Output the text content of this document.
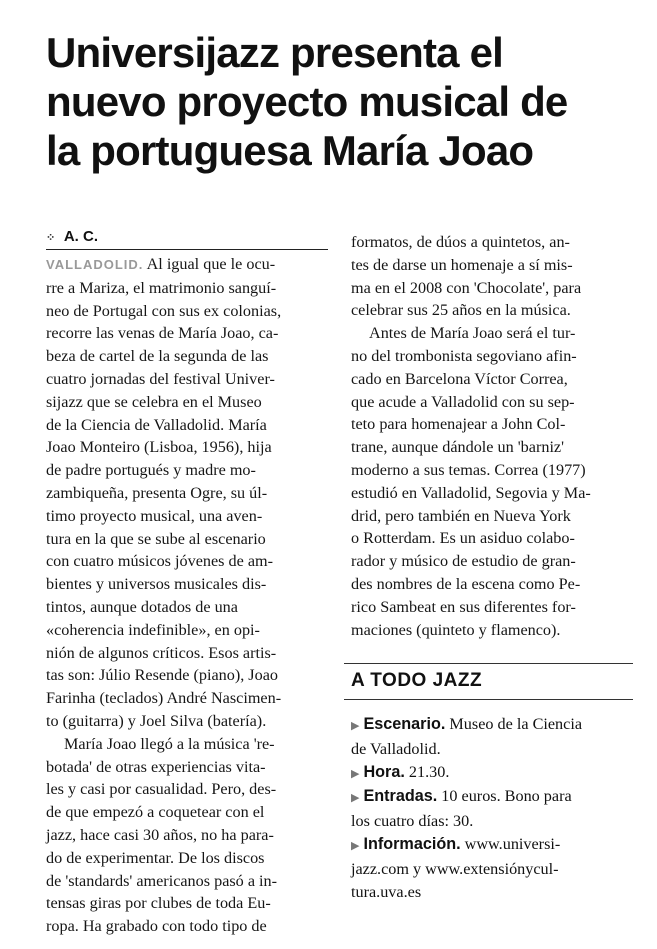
Universijazz presenta el
nuevo proyecto musical de
la portuguesa María Joao
⁘ A. C.

VALLADOLID. Al igual que le ocu-
rre a Mariza, el matrimonio sanguí-
neo de Portugal con sus ex colonias,
recorre las venas de María Joao, ca-
beza de cartel de la segunda de las
cuatro jornadas del festival Univer-
sijazz que se celebra en el Museo
de la Ciencia de Valladolid. María
Joao Monteiro (Lisboa, 1956), hija
de padre portugués y madre mo-
zambiqueña, presenta Ogre, su úl-
timo proyecto musical, una aven-
tura en la que se sube al escenario
con cuatro músicos jóvenes de am-
bientes y universos musicales dis-
tintos, aunque dotados de una
«coherencia indefinible», en opi-
nión de algunos críticos. Esos artis-
tas son: Júlio Resende (piano), Joao
Farinha (teclados) André Nascimen-
to (guitarra) y Joel Silva (batería).

María Joao llegó a la música 're-
botada' de otras experiencias vita-
les y casi por casualidad. Pero, des-
de que empezó a coquetear con el
jazz, hace casi 30 años, no ha para-
do de experimentar. De los discos
de 'standards' americanos pasó a in-
tensas giras por clubes de toda Eu-
ropa. Ha grabado con todo tipo de

formatos, de dúos a quintetos, an-
tes de darse un homenaje a sí mis-
ma en el 2008 con 'Chocolate', para
celebrar sus 25 años en la música.

Antes de María Joao será el tur-
no del trombonista segoviano afin-
cado en Barcelona Víctor Correa,
que acude a Valladolid con su sep-
teto para homenajear a John Col-
trane, aunque dándole un 'barniz'
moderno a sus temas. Correa (1977)
estudió en Valladolid, Segovia y Ma-
drid, pero también en Nueva York
o Rotterdam. Es un asiduo colabo-
rador y músico de estudio de gran-
des nombres de la escena como Pe-
rico Sambeat en sus diferentes for-
maciones (quinteto y flamenco).

A TODO JAZZ
▶ Escenario. Museo de la Ciencia
de Valladolid.
▶ Hora. 21.30.
▶ Entradas. 10 euros. Bono para
los cuatro días: 30.
▶ Información. www.universi-
jazz.com y www.extensiónycul-
tura.uva.es
